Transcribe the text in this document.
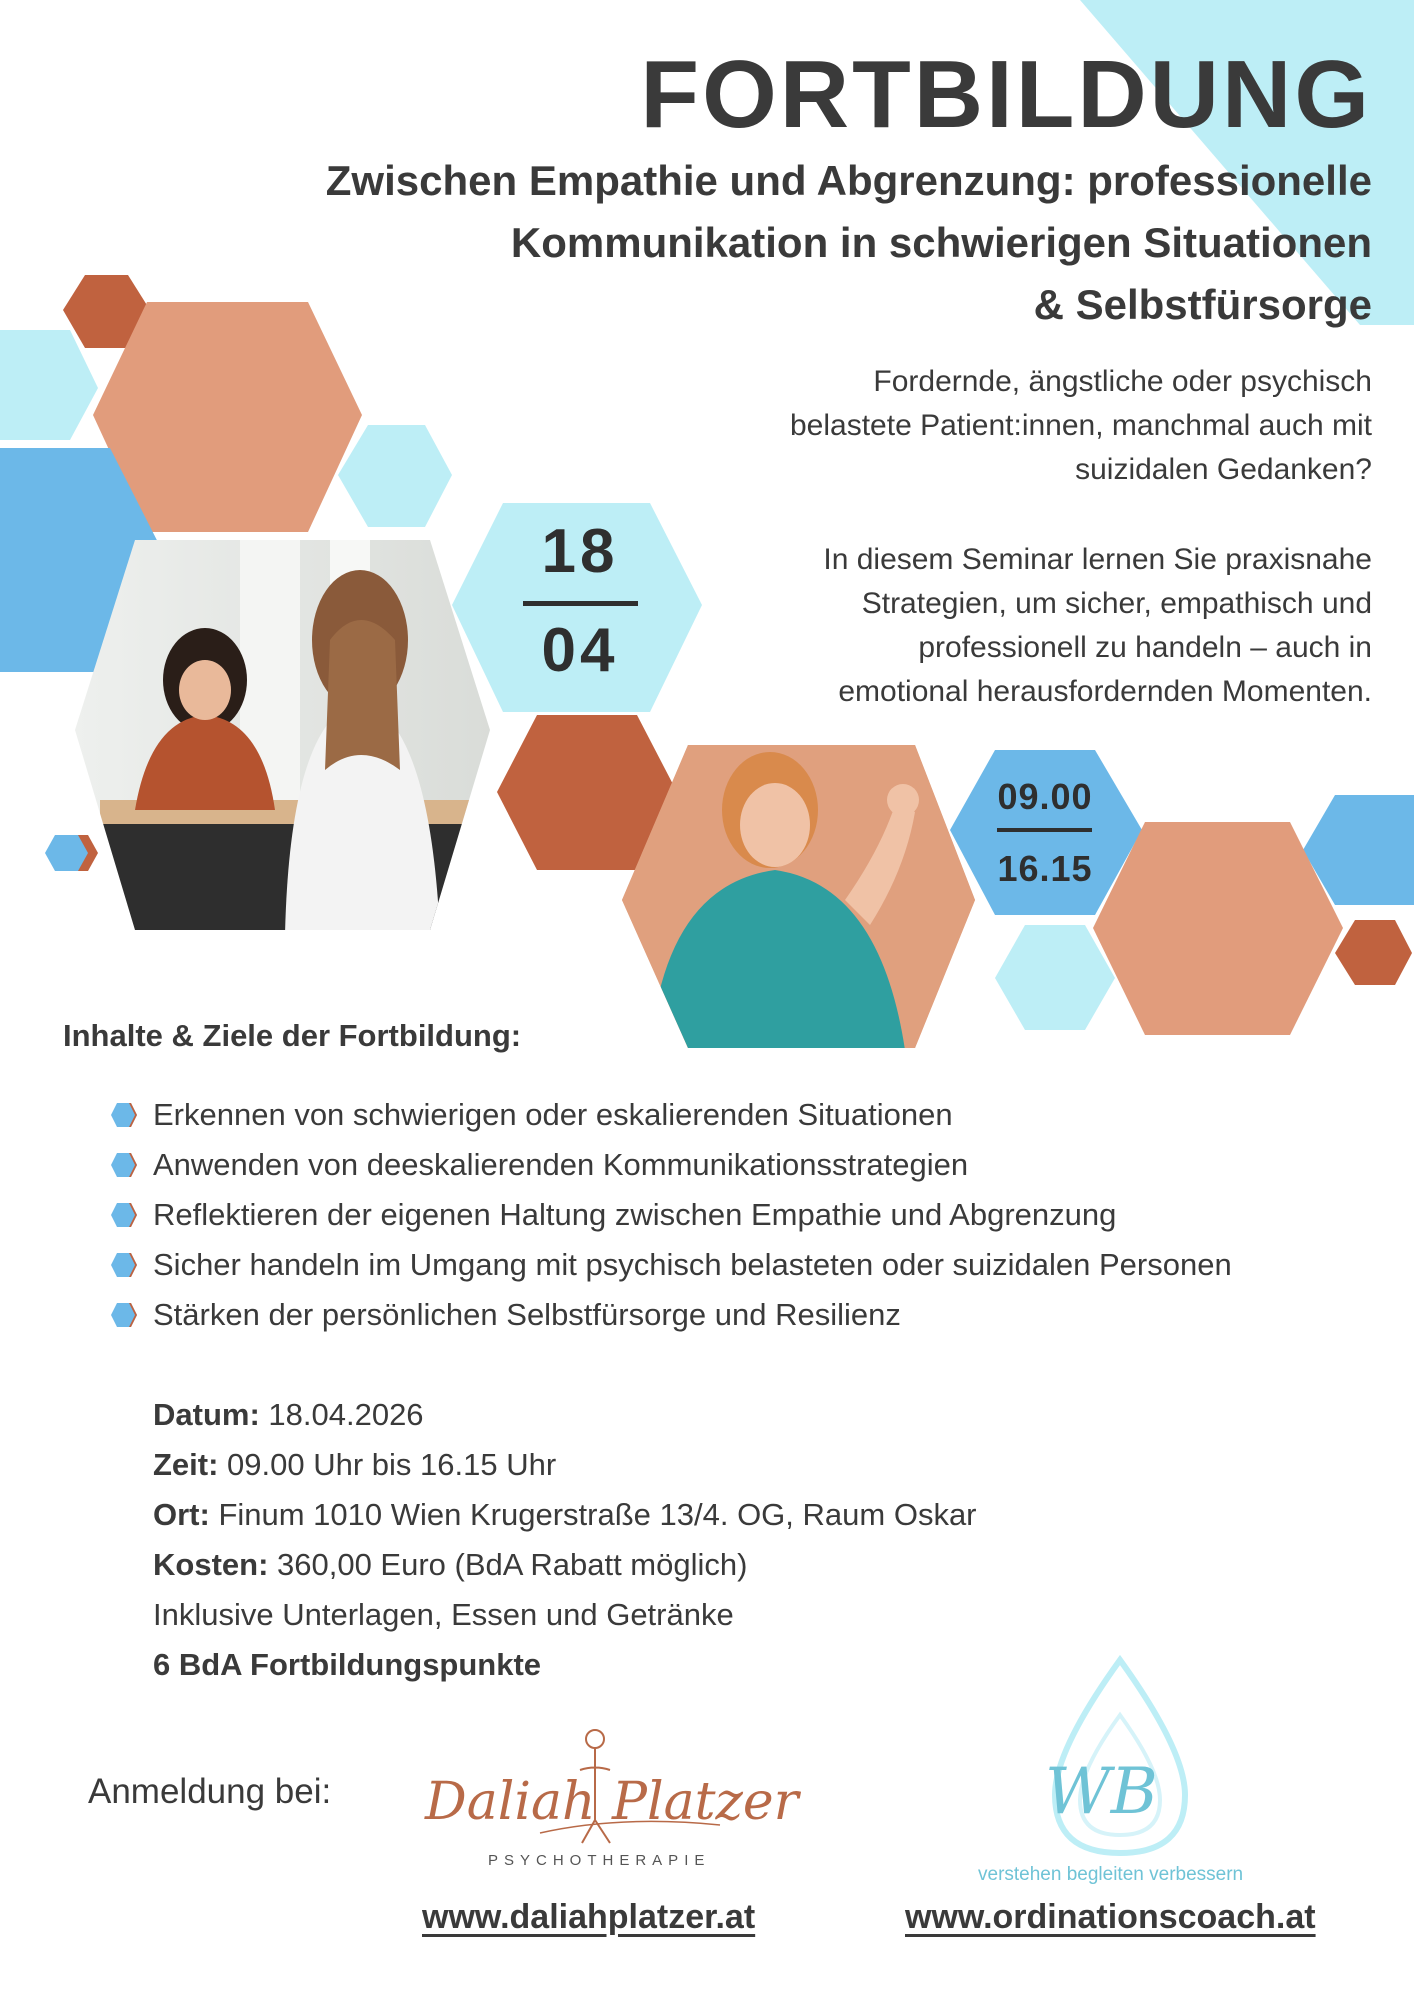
FORTBILDUNG
Zwischen Empathie und Abgrenzung: professionelle
Kommunikation in schwierigen Situationen
& Selbstfürsorge
Fordernde, ängstliche oder psychisch
belastete Patient:innen, manchmal auch mit
suizidalen Gedanken?
In diesem Seminar lernen Sie praxisnahe
Strategien, um sicher, empathisch und
professionell zu handeln – auch in
emotional herausfordernden Momenten.
18
04
09.00
16.15
Inhalte & Ziele der Fortbildung:
Erkennen von schwierigen oder eskalierenden Situationen
Anwenden von deeskalierenden Kommunikationsstrategien
Reflektieren der eigenen Haltung zwischen Empathie und Abgrenzung
Sicher handeln im Umgang mit psychisch belasteten oder suizidalen Personen
Stärken der persönlichen Selbstfürsorge und Resilienz
Datum: 18.04.2026
Zeit: 09.00 Uhr bis 16.15 Uhr
Ort: Finum 1010 Wien Krugerstraße 13/4. OG, Raum Oskar
Kosten: 360,00 Euro (BdA Rabatt möglich)
Inklusive Unterlagen, Essen und Getränke
6 BdA Fortbildungspunkte
Anmeldung bei: Daliah Platzer
PSYCHOTHERAPIE
WB
verstehen begleiten verbessern
www.daliahplatzer.at	www.ordinationscoach.at
